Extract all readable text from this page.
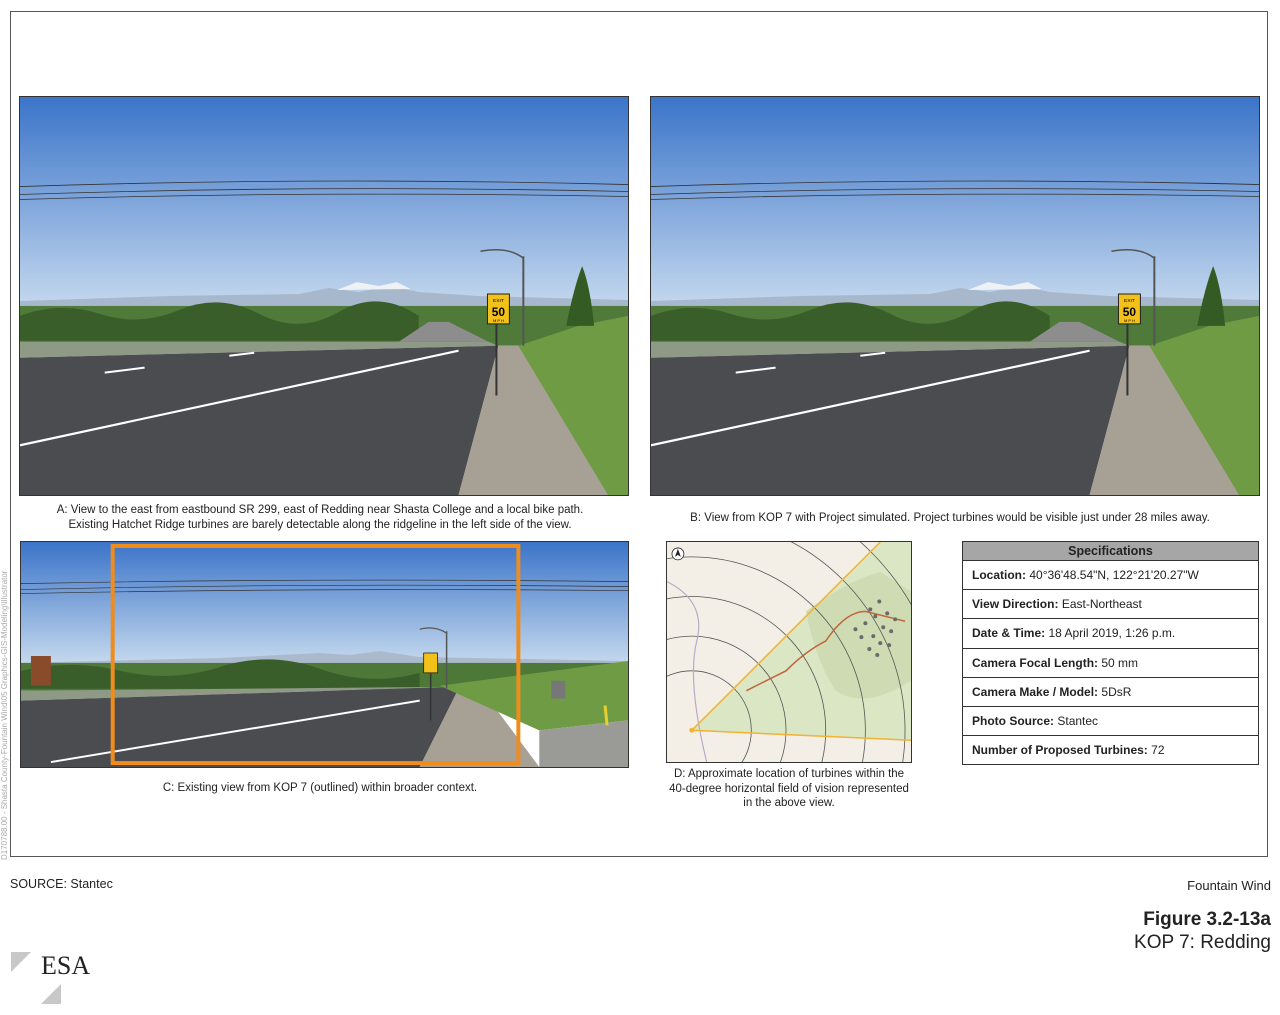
D170788.00 - Shasta County-Fountain Wind\05 Graphics-GIS-Modeling\Illustrator
EXIT
50
M P H
EXIT
50
M P H
A: View to the east from eastbound SR 299, east of Redding near Shasta College and a local bike path.
Existing Hatchet Ridge turbines are barely detectable along the ridgeline in the left side of the view.
B: View from KOP 7 with Project simulated. Project turbines would be visible just under 28 miles away.
C: Existing view from KOP 7 (outlined) within broader context.
D: Approximate location of turbines within the
40-degree horizontal field of vision represented
in the above view.
Specifications
Location: 40°36'48.54"N, 122°21'20.27"W
View Direction: East-Northeast
Date & Time: 18 April 2019, 1:26 p.m.
Camera Focal Length: 50 mm
Camera Make / Model: 5DsR
Photo Source: Stantec
Number of Proposed Turbines: 72
SOURCE: Stantec	Fountain Wind
Figure 3.2-13a
KOP 7: Redding
ESA
